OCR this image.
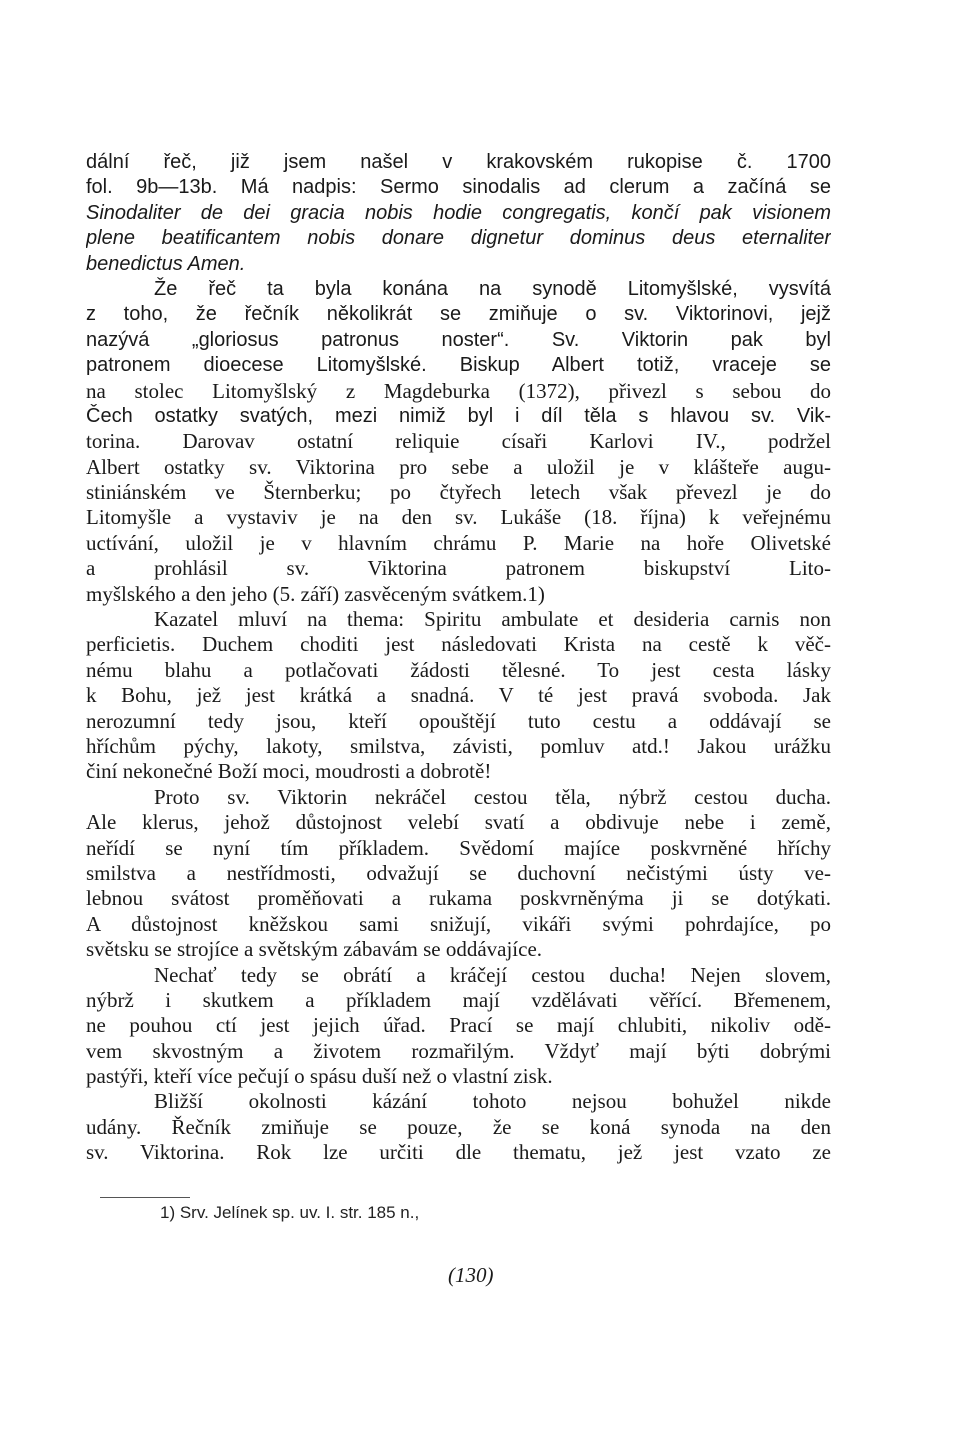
dální řeč, již jsem našel v krakovském rukopise č. 1700
fol. 9b—13b. Má nadpis: Sermo sinodalis ad clerum a začíná se
Sinodaliter de dei gracia nobis hodie congregatis, končí pak visionem
plene beatificantem nobis donare dignetur dominus deus eternaliter
benedictus Amen.
Že řeč ta byla konána na synodě Litomyšlské, vysvítá
z toho, že řečník několikrát se zmiňuje o sv. Viktorinovi, jejž
nazývá „gloriosus patronus noster“. Sv. Viktorin pak byl
patronem dioecese Litomyšlské. Biskup Albert totiž, vraceje se
na stolec Litomyšlský z Magdeburka (1372), přivezl s sebou do
Čech ostatky svatých, mezi nimiž byl i díl těla s hlavou sv. Vik-
torina. Darovav ostatní reliquie císaři Karlovi IV., podržel
Albert ostatky sv. Viktorina pro sebe a uložil je v klášteře augu-
stiniánském ve Šternberku; po čtyřech letech však převezl je do
Litomyšle a vystaviv je na den sv. Lukáše (18. října) k veřejnému
uctívání, uložil je v hlavním chrámu P. Marie na hoře Olivetské
a prohlásil sv. Viktorina patronem biskupství Lito-
myšlského a den jeho (5. září) zasvěceným svátkem.1)
Kazatel mluví na thema: Spiritu ambulate et desideria carnis non
perficietis. Duchem choditi jest následovati Krista na cestě k věč-
nému blahu a potlačovati žádosti tělesné. To jest cesta lásky
k Bohu, jež jest krátká a snadná. V té jest pravá svoboda. Jak
nerozumní tedy jsou, kteří opouštějí tuto cestu a oddávají se
hříchům pýchy, lakoty, smilstva, závisti, pomluv atd.! Jakou urážku
činí nekonečné Boží moci, moudrosti a dobrotě!
Proto sv. Viktorin nekráčel cestou těla, nýbrž cestou ducha.
Ale klerus, jehož důstojnost velebí svatí a obdivuje nebe i země,
neřídí se nyní tím příkladem. Svědomí majíce poskvrněné hříchy
smilstva a nestřídmosti, odvažují se duchovní nečistými ústy ve-
lebnou svátost proměňovati a rukama poskvrněnýma ji se dotýkati.
A důstojnost kněžskou sami snižují, vikáři svými pohrdajíce, po
světsku se strojíce a světským zábavám se oddávajíce.
Nechať tedy se obrátí a kráčejí cestou ducha! Nejen slovem,
nýbrž i skutkem a příkladem mají vzdělávati věřící. Břemenem,
ne pouhou ctí jest jejich úřad. Prací se mají chlubiti, nikoliv odě-
vem skvostným a životem rozmařilým. Vždyť mají býti dobrými
pastýři, kteří více pečují o spásu duší než o vlastní zisk.
Bližší okolnosti kázání tohoto nejsou bohužel nikde
udány. Řečník zmiňuje se pouze, že se koná synoda na den
sv. Viktorina. Rok lze určiti dle thematu, jež jest vzato ze
1) Srv. Jelínek sp. uv. I. str. 185 n.,
(130)
